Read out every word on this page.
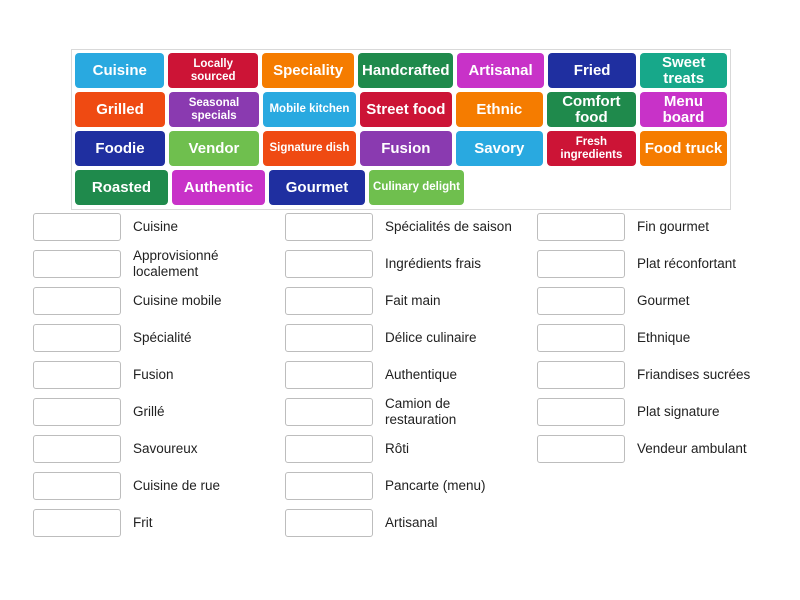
Cuisine	Locally sourced	Speciality	Handcrafted	Artisanal	Fried	Sweet treats
Grilled	Seasonal specials
Mobile kitchen	Street food	Ethnic	Comfort food
Menu board
Foodie	Vendor	Signature dish	Fusion	Savory	Fresh ingredients	Food truck
Roasted	Authentic	Gourmet	Culinary delight
Cuisine
Approvisionné localement
Cuisine mobile
Spécialité
Fusion
Grillé
Savoureux
Cuisine de rue
Frit
Spécialités de saison
Ingrédients frais
Fait main
Délice culinaire
Authentique
Camion de restauration
Rôti
Pancarte (menu)
Artisanal
Fin gourmet
Plat réconfortant
Gourmet
Ethnique
Friandises sucrées
Plat signature
Vendeur ambulant
